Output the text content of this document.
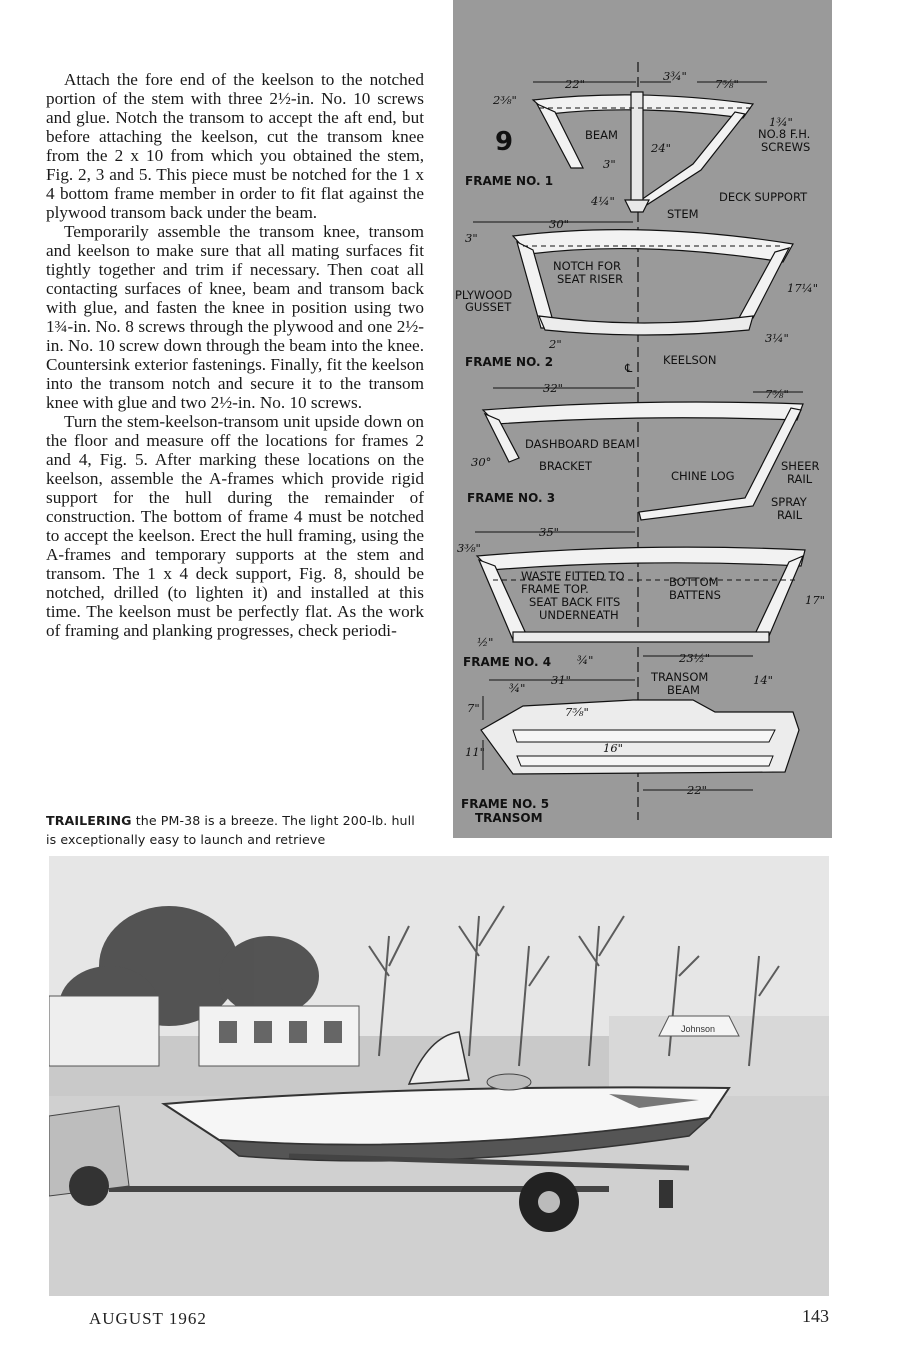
Attach the fore end of the keelson to the notched portion of the stem with three 2½-in. No. 10 screws and glue. Notch the transom to accept the aft end, but before attaching the keelson, cut the transom knee from the 2 x 10 from which you obtained the stem, Fig. 2, 3 and 5. This piece must be notched for the 1 x 4 bottom frame member in order to fit flat against the plywood transom back under the beam.

Temporarily assemble the transom knee, transom and keelson to make sure that all mating surfaces fit tightly together and trim if necessary. Then coat all contacting surfaces of knee, beam and transom back with glue, and fasten the knee in position using two 1¾-in. No. 8 screws through the plywood and one 2½-in. No. 10 screw down through the beam into the knee. Countersink exterior fastenings. Finally, fit the keelson into the transom notch and secure it to the transom knee with glue and two 2½-in. No. 10 screws.

Turn the stem-keelson-transom unit upside down on the floor and measure off the locations for frames 2 and 4, Fig. 5. After marking these locations on the keelson, assemble the A-frames which provide rigid support for the hull during the remainder of construction. The bottom of frame 4 must be notched to accept the keelson. Erect the hull framing, using the A-frames and temporary supports at the stem and transom. The 1 x 4 deck support, Fig. 8, should be notched, drilled (to lighten it) and installed at this time. The keelson must be perfectly flat. As the work of framing and planking progresses, check periodi-

TRAILERING the PM-38 is a breeze. The light 200-lb. hull is exceptionally easy to launch and retrieve
9	BEAM	NO.8 F.H.
SCREWS
DECK SUPPORT
STEM
FRAME NO. 1
22"
3¾"
7⅝"
2⅜"
1¾"
24"
3"
4¼"
30"
3"
NOTCH FOR
SEAT RISER
PLYWOOD
GUSSET
17¼"
3¼"
2"
FRAME NO. 2	KEELSON
℄
32"	7⅝"
DASHBOARD BEAM
BRACKET
30°
CHINE LOG
SHEER
RAIL
SPRAY
RAIL
FRAME NO. 3
35"
3⅜"
WASTE FITTED TO
FRAME TOP.
SEAT BACK FITS
UNDERNEATH
BOTTOM
BATTENS	17"
½"
FRAME NO. 4 ¾"	23½"
31"
¾"
7"	7⅝"
11"	16"
TRANSOM
BEAM
14"
22"
FRAME NO. 5
TRANSOM
Johnson
AUGUST 1962	143
